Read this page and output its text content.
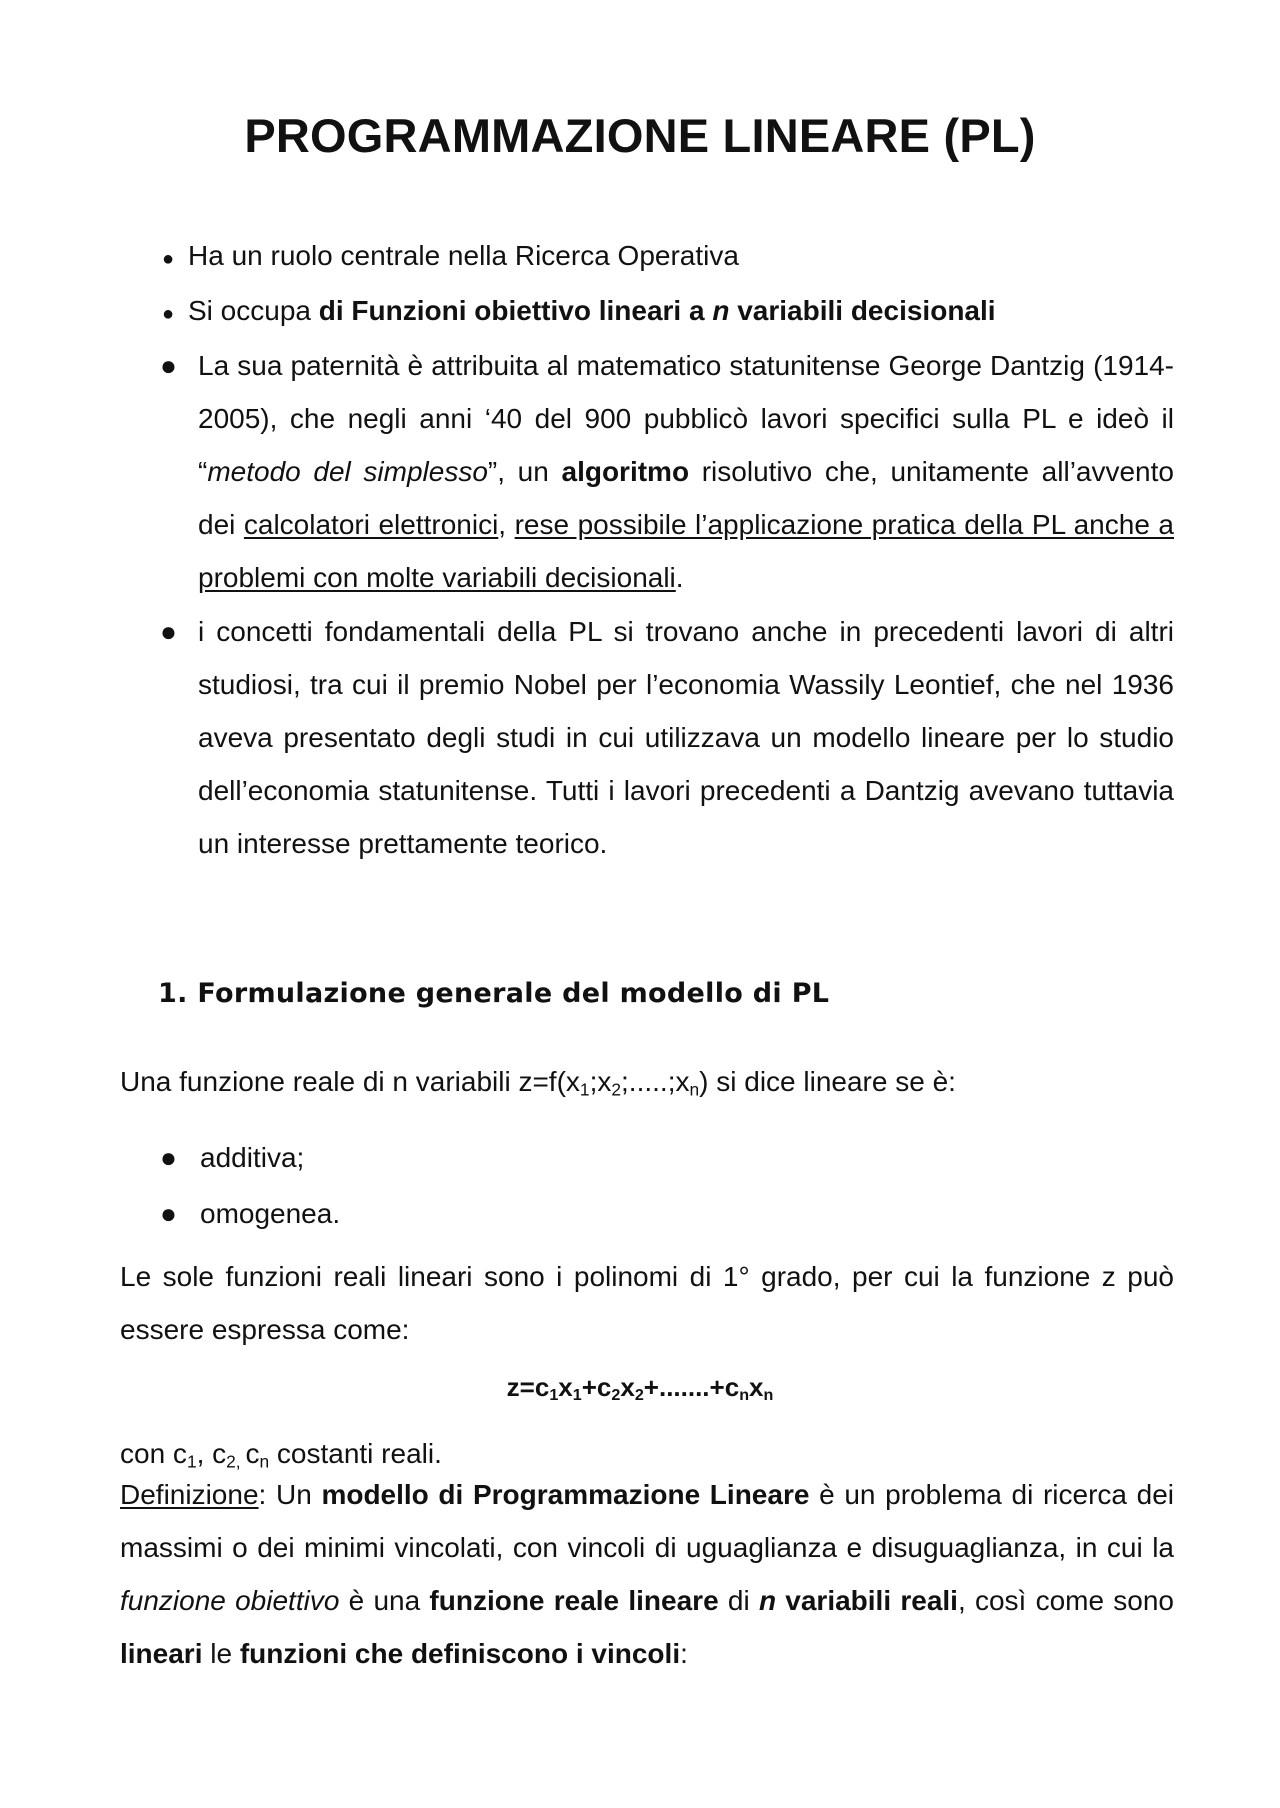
PROGRAMMAZIONE LINEARE (PL)
● Ha un ruolo centrale nella Ricerca Operativa
● Si occupa di Funzioni obiettivo lineari a n variabili decisionali
● La sua paternità è attribuita al matematico statunitense George Dantzig (1914-2005), che negli anni ‘40 del 900 pubblicò lavori specifici sulla PL e ideò il “metodo del simplesso”, un algoritmo risolutivo che, unitamente all’avvento dei calcolatori elettronici, rese possibile l’applicazione pratica della PL anche a problemi con molte variabili decisionali.
● i concetti fondamentali della PL si trovano anche in precedenti lavori di altri studiosi, tra cui il premio Nobel per l’economia Wassily Leontief, che nel 1936 aveva presentato degli studi in cui utilizzava un modello lineare per lo studio dell’economia statunitense. Tutti i lavori precedenti a Dantzig avevano tuttavia un interesse prettamente teorico.
1. Formulazione generale del modello di PL
Una funzione reale di n variabili $z=f(x_1;x_2;.....;x_n)$ si dice lineare se è:
● additiva;
● omogenea.
Le sole funzioni reali lineari sono i polinomi di 1° grado, per cui la funzione z può essere espressa come:
$z=c_1x_1+c_2x_2+.......+c_nx_n$
con $c_1$, $c_{2,}$ $c_n$ costanti reali.
Definizione: Un modello di Programmazione Lineare è un problema di ricerca dei massimi o dei minimi vincolati, con vincoli di uguaglianza e disuguaglianza, in cui la funzione obiettivo è una funzione reale lineare di n variabili reali, così come sono lineari le funzioni che definiscono i vincoli:
